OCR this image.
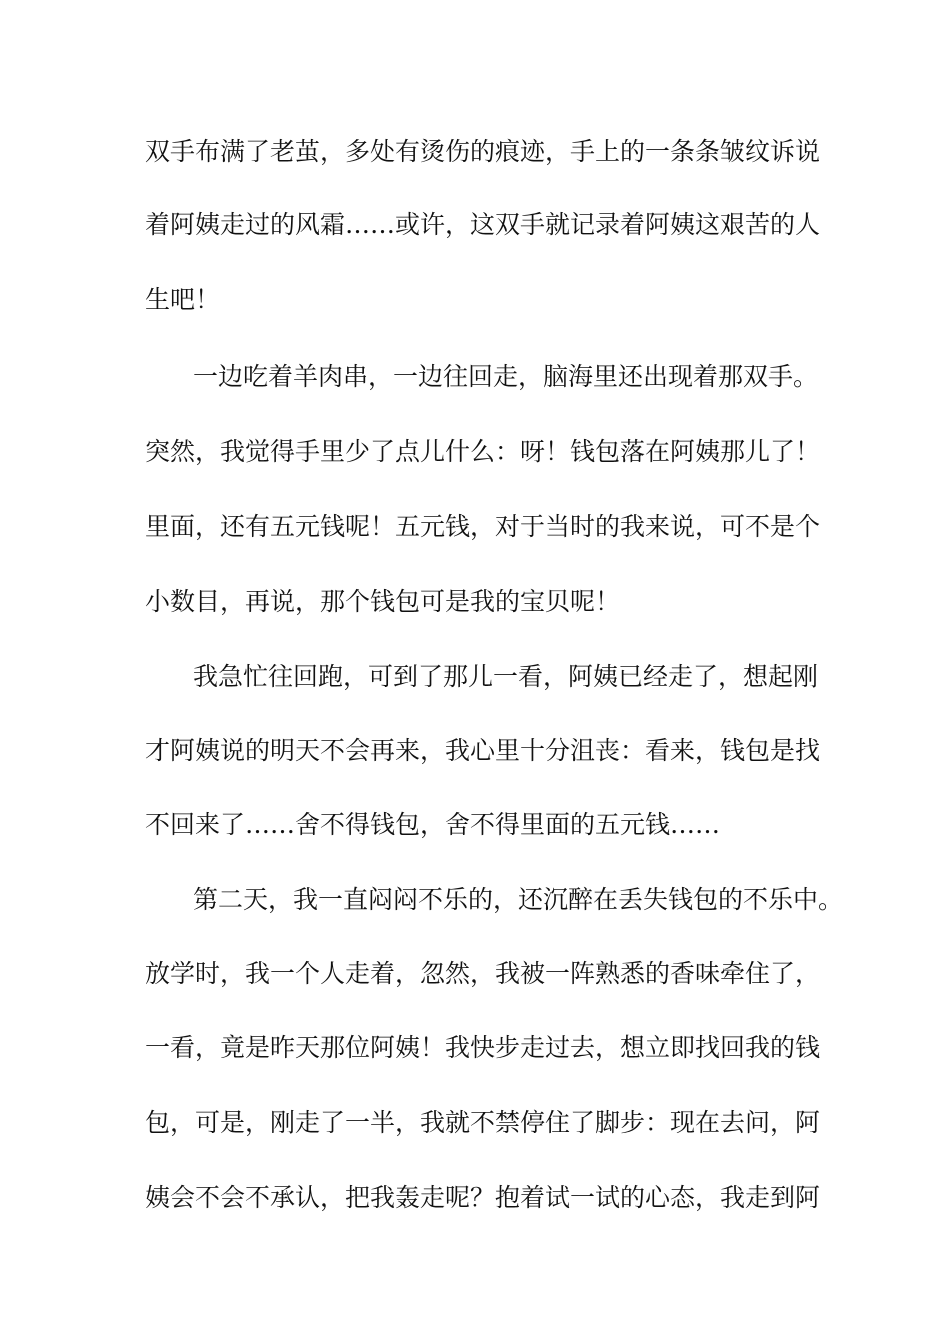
双手布满了老茧，多处有烫伤的痕迹，手上的一条条皱纹诉说
着阿姨走过的风霜……或许，这双手就记录着阿姨这艰苦的人
生吧！
一边吃着羊肉串，一边往回走，脑海里还出现着那双手。
突然，我觉得手里少了点儿什么：呀！钱包落在阿姨那儿了！
里面，还有五元钱呢！五元钱，对于当时的我来说，可不是个
小数目，再说，那个钱包可是我的宝贝呢！
我急忙往回跑，可到了那儿一看，阿姨已经走了，想起刚
才阿姨说的明天不会再来，我心里十分沮丧：看来，钱包是找
不回来了……舍不得钱包，舍不得里面的五元钱……
第二天，我一直闷闷不乐的，还沉醉在丢失钱包的不乐中。
放学时，我一个人走着，忽然，我被一阵熟悉的香味牵住了，
一看，竟是昨天那位阿姨！我快步走过去，想立即找回我的钱
包，可是，刚走了一半，我就不禁停住了脚步：现在去问，阿
姨会不会不承认，把我轰走呢？抱着试一试的心态，我走到阿
